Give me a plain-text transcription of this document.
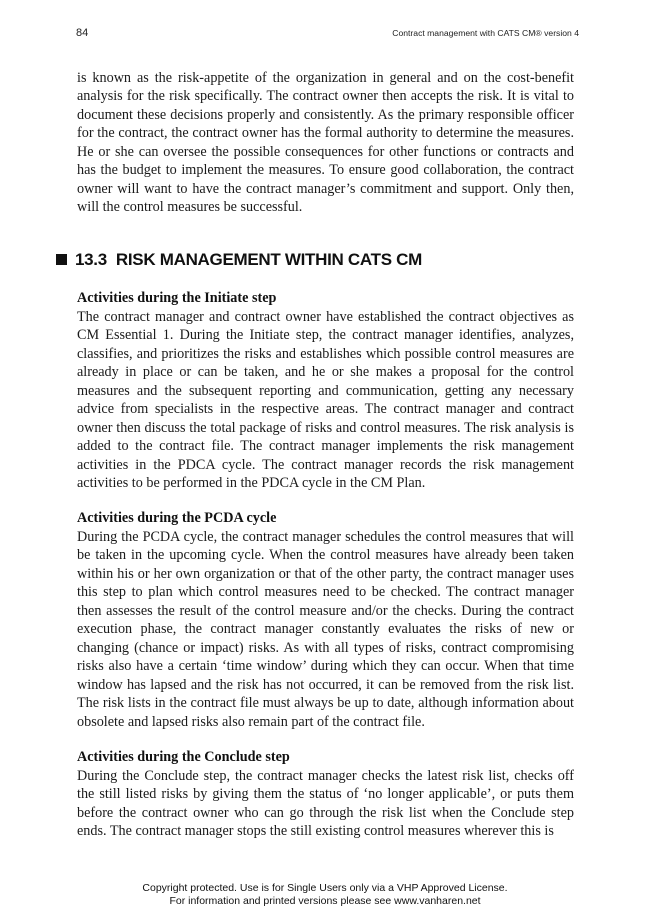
84	Contract management with CATS CM® version 4

is known as the risk-appetite of the organization in general and on the cost-benefit analysis for the risk specifically. The contract owner then accepts the risk. It is vital to document these decisions properly and consistently. As the primary responsible officer for the contract, the contract owner has the formal authority to determine the measures. He or she can oversee the possible consequences for other functions or contracts and has the budget to implement the measures. To ensure good collaboration, the contract owner will want to have the contract manager’s commitment and support. Only then, will the control measures be successful.

13.3 RISK MANAGEMENT WITHIN CATS CM
Activities during the Initiate step

The contract manager and contract owner have established the contract objectives as CM Essential 1. During the Initiate step, the contract manager identifies, analyzes, classifies, and prioritizes the risks and establishes which possible control measures are already in place or can be taken, and he or she makes a proposal for the control measures and the subsequent reporting and communication, getting any necessary advice from specialists in the respective areas. The contract manager and contract owner then discuss the total package of risks and control measures. The risk analysis is added to the contract file. The contract manager implements the risk management activities in the PDCA cycle. The contract manager records the risk management activities to be performed in the PDCA cycle in the CM Plan.

Activities during the PCDA cycle

During the PCDA cycle, the contract manager schedules the control measures that will be taken in the upcoming cycle. When the control measures have already been taken within his or her own organization or that of the other party, the contract manager uses this step to plan which control measures need to be checked. The contract manager then assesses the result of the control measure and/or the checks. During the contract execution phase, the contract manager constantly evaluates the risks of new or changing (chance or impact) risks. As with all types of risks, contract compromising risks also have a certain ‘time window’ during which they can occur. When that time window has lapsed and the risk has not occurred, it can be removed from the risk list. The risk lists in the contract file must always be up to date, although information about obsolete and lapsed risks also remain part of the contract file.

Activities during the Conclude step

During the Conclude step, the contract manager checks the latest risk list, checks off the still listed risks by giving them the status of ‘no longer applicable’, or puts them before the contract owner who can go through the risk list when the Conclude step ends. The contract manager stops the still existing control measures wherever this is

Copyright protected. Use is for Single Users only via a VHP Approved License.
For information and printed versions please see www.vanharen.net
